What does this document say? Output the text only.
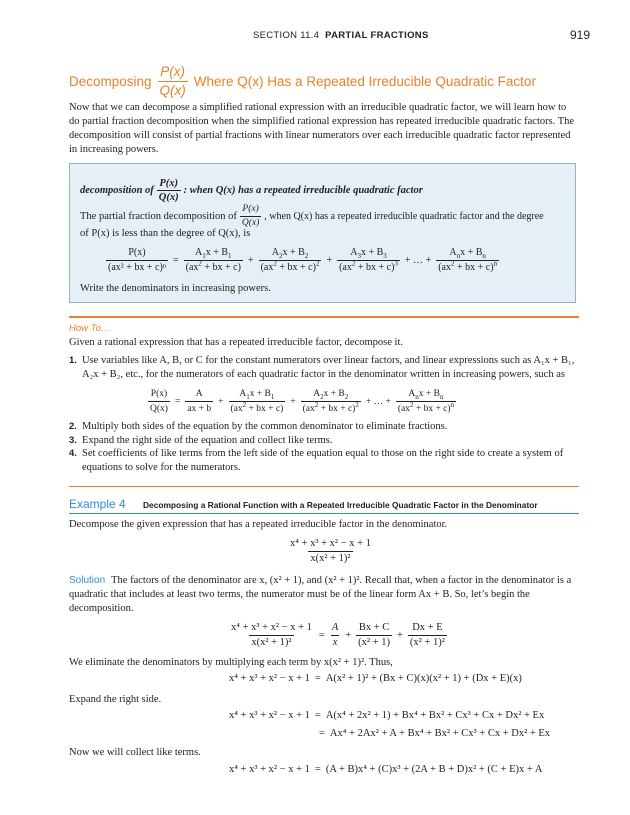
SECTION 11.4 PARTIAL FRACTIONS	919
Decomposing $\frac{P(x)}{Q(x)}$ Where Q(x) Has a Repeated Irreducible Quadratic Factor
Now that we can decompose a simplified rational expression with an irreducible quadratic factor, we will learn how to do partial fraction decomposition when the simplified rational expression has repeated irreducible quadratic factors. The decomposition will consist of partial fractions with linear numerators over each irreducible quadratic factor represented in increasing powers.
decomposition of $\frac{P(x)}{Q(x)}$ : when Q(x) has a repeated irreducible quadratic factor
The partial fraction decomposition of $\frac{P(x)}{Q(x)}$ , when Q(x) has a repeated irreducible quadratic factor and the degree
of P(x) is less than the degree of Q(x), is
$\frac{P(x)}{\text{(ax² + bx + c)ⁿ}} = \frac{A_1x + B_1}{(ax^2 + bx + c)} + \frac{A_2x + B_2}{(ax^2 + bx + c)^2} + \frac{A_3x + B_3}{(ax^2 + bx + c)^3}$ + … + $\frac{A_nx + B_n}{(ax^2 + bx + c)^n}$
Write the denominators in increasing powers.
How To…
Given a rational expression that has a repeated irreducible factor, decompose it.
1. Use variables like A, B, or C for the constant numerators over linear factors, and linear expressions such as A₁x + B₁, A₂x + B₂, etc., for the numerators of each quadratic factor in the denominator written in increasing powers, such as
$\frac{P(x)}{Q(x)} = \frac{A}{ax + b} + \frac{A_1x + B_1}{(ax^2 + bx + c)} + \frac{A_2x + B_2}{(ax^2 + bx + c)^2}$ + … + $\frac{A_nx + B_n}{(ax^2 + bx + c)^n}$
2. Multiply both sides of the equation by the common denominator to eliminate fractions.
3. Expand the right side of the equation and collect like terms.
4. Set coefficients of like terms from the left side of the equation equal to those on the right side to create a system of equations to solve for the numerators.
Example 4 Decomposing a Rational Function with a Repeated Irreducible Quadratic Factor in the Denominator
Decompose the given expression that has a repeated irreducible factor in the denominator.
$\frac{\text{x⁴ + x³ + x² − x + 1}}{\text{x(x² + 1)²}}$
Solution The factors of the denominator are x, (x² + 1), and (x² + 1)². Recall that, when a factor in the denominator is a quadratic that includes at least two terms, the numerator must be of the linear form Ax + B. So, let’s begin the decomposition.
$\frac{\text{x⁴ + x³ + x² − x + 1}}{\text{x(x² + 1)²}} = \frac{A}{x} + \frac{Bx + C}{\text{(x² + 1)}} + \frac{Dx + E}{\text{(x² + 1)²}}$
We eliminate the denominators by multiplying each term by x(x² + 1)². Thus,
x⁴ + x³ + x² − x + 1 = A(x² + 1)² + (Bx + C)(x)(x² + 1) + (Dx + E)(x)
Expand the right side.
x⁴ + x³ + x² − x + 1 = A(x⁴ + 2x² + 1) + Bx⁴ + Bx² + Cx³ + Cx + Dx² + Ex
= Ax⁴ + 2Ax² + A + Bx⁴ + Bx² + Cx³ + Cx + Dx² + Ex
Now we will collect like terms.
x⁴ + x³ + x² − x + 1 = (A + B)x⁴ + (C)x³ + (2A + B + D)x² + (C + E)x + A
